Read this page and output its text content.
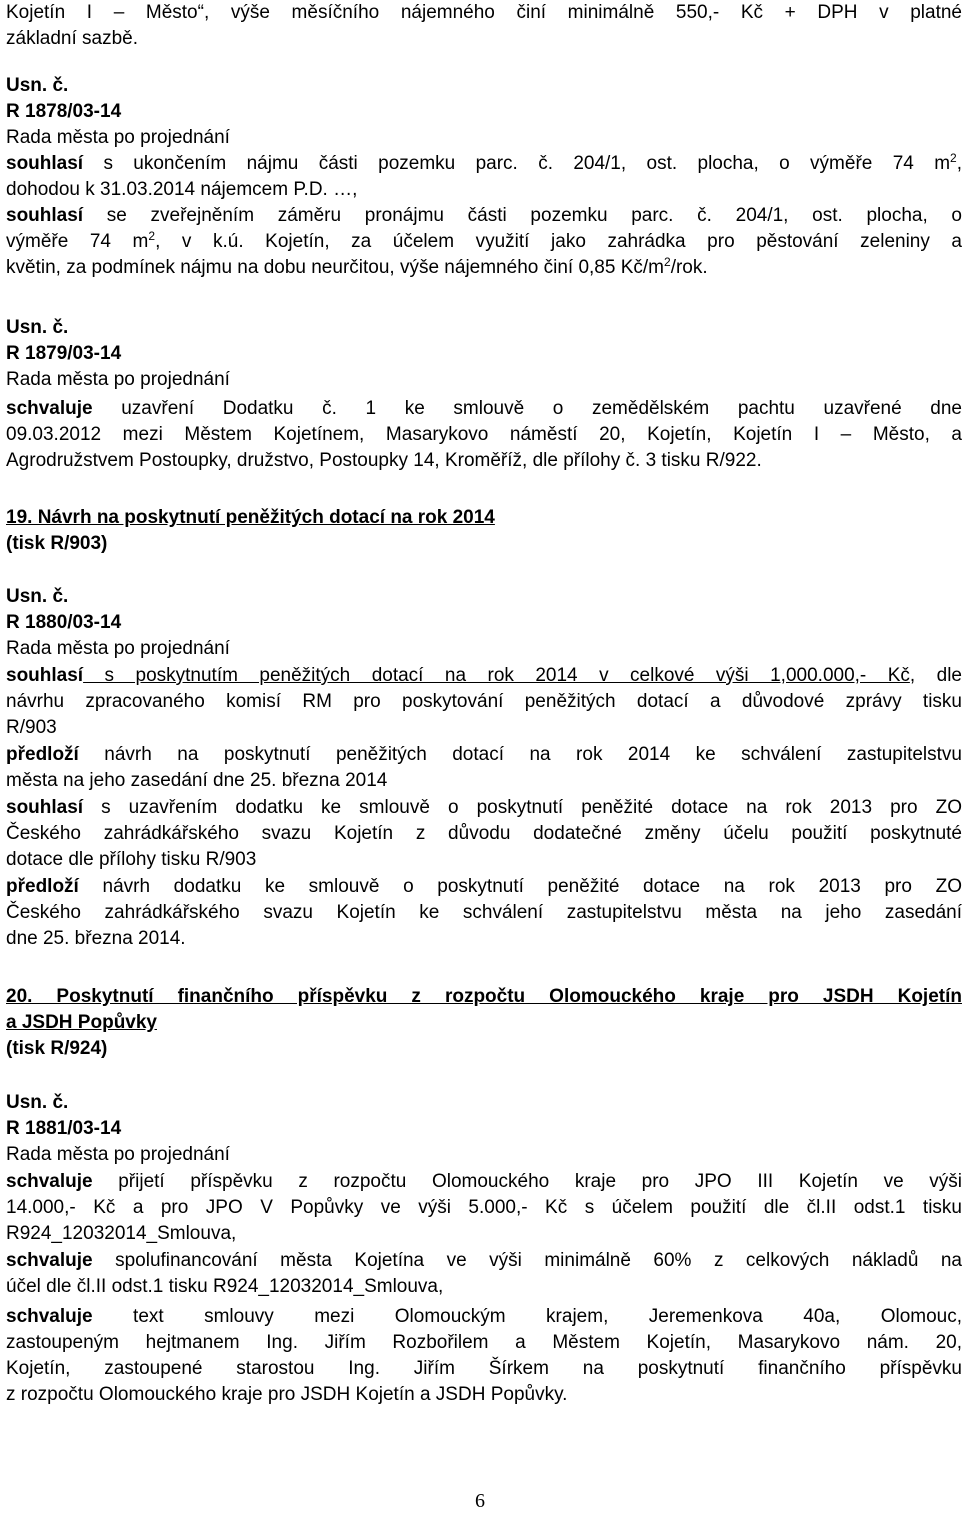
Kojetín I – Město“, výše měsíčního nájemného činí minimálně 550,- Kč + DPH v platné
základní sazbě.
Usn. č.
R 1878/03-14
Rada města po projednání
souhlasí s ukončením nájmu části pozemku parc. č. 204/1, ost. plocha, o výměře 74 $m^2$,
dohodou k 31.03.2014 nájemcem P.D. …,
souhlasí se zveřejněním záměru pronájmu části pozemku parc. č. 204/1, ost. plocha, o
výměře 74 $m^2$, v k.ú. Kojetín, za účelem využití jako zahrádka pro pěstování zeleniny a
květin, za podmínek nájmu na dobu neurčitou, výše nájemného činí 0,85 $Kč/m^2$/rok.
Usn. č.
R 1879/03-14
Rada města po projednání
schvaluje uzavření Dodatku č. 1 ke smlouvě o zemědělském pachtu uzavřené dne
09.03.2012 mezi Městem Kojetínem, Masarykovo náměstí 20, Kojetín, Kojetín I – Město, a
Agrodružstvem Postoupky, družstvo, Postoupky 14, Kroměříž, dle přílohy č. 3 tisku R/922.
19. Návrh na poskytnutí peněžitých dotací na rok 2014
(tisk R/903)
Usn. č.
R 1880/03-14
Rada města po projednání
souhlasí s poskytnutím peněžitých dotací na rok 2014 v celkové výši 1,000.000,- Kč, dle
návrhu zpracovaného komisí RM pro poskytování peněžitých dotací a důvodové zprávy tisku
R/903
předloží návrh na poskytnutí peněžitých dotací na rok 2014 ke schválení zastupitelstvu
města na jeho zasedání dne 25. března 2014
souhlasí s uzavřením dodatku ke smlouvě o poskytnutí peněžité dotace na rok 2013 pro ZO
Českého zahrádkářského svazu Kojetín z důvodu dodatečné změny účelu použití poskytnuté
dotace dle přílohy tisku R/903
předloží návrh dodatku ke smlouvě o poskytnutí peněžité dotace na rok 2013 pro ZO
Českého zahrádkářského svazu Kojetín ke schválení zastupitelstvu města na jeho zasedání
dne 25. března 2014.
20. Poskytnutí finančního příspěvku z rozpočtu Olomouckého kraje pro JSDH Kojetín
a JSDH Popůvky
(tisk R/924)
Usn. č.
R 1881/03-14
Rada města po projednání
schvaluje přijetí příspěvku z rozpočtu Olomouckého kraje pro JPO III Kojetín ve výši
14.000,- Kč a pro JPO V Popůvky ve výši 5.000,- Kč s účelem použití dle čl.II odst.1 tisku
R924_12032014_Smlouva,
schvaluje spolufinancování města Kojetína ve výši minimálně 60% z celkových nákladů na
účel dle čl.II odst.1 tisku R924_12032014_Smlouva,
schvaluje text smlouvy mezi Olomouckým krajem, Jeremenkova 40a, Olomouc,
zastoupeným hejtmanem Ing. Jiřím Rozbořilem a Městem Kojetín, Masarykovo nám. 20,
Kojetín, zastoupené starostou Ing. Jiřím Šírkem na poskytnutí finančního příspěvku
z rozpočtu Olomouckého kraje pro JSDH Kojetín a JSDH Popůvky.
6
